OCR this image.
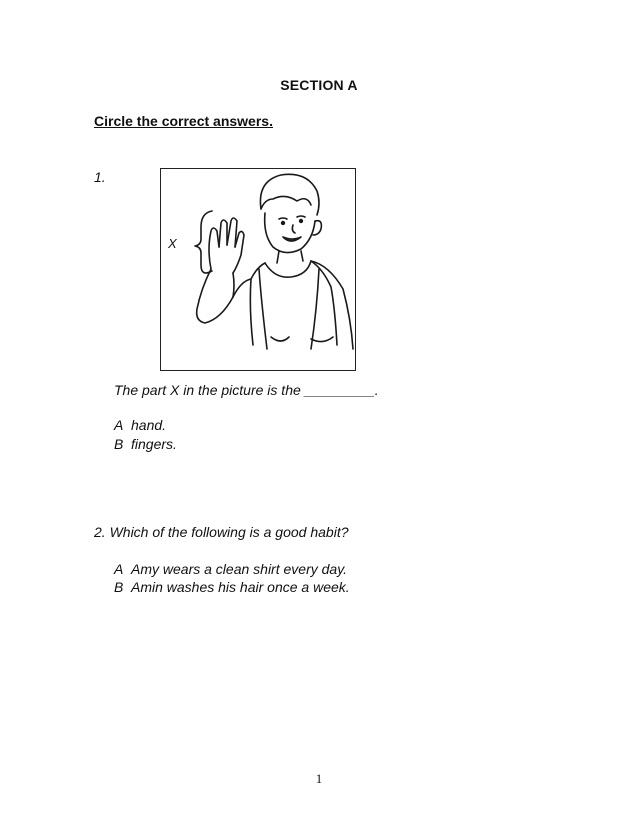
SECTION A
Circle the correct answers.
1.
X
The part X in the picture is the _________.
A hand.
B fingers.
2. Which of the following is a good habit?
A Amy wears a clean shirt every day.
B Amin washes his hair once a week.
1
